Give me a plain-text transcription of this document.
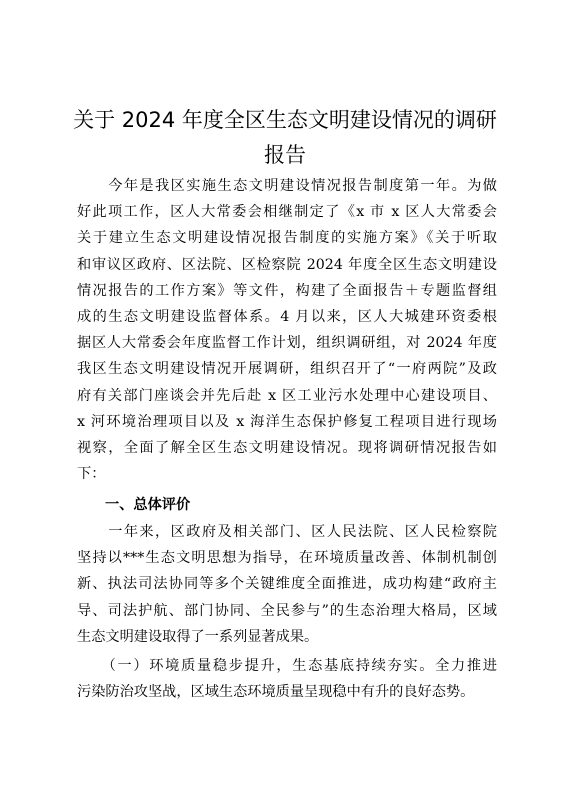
关于 2024 年度全区生态文明建设情况的调研
报告
　　今年是我区实施生态文明建设情况报告制度第一年。为做
好此项工作，区人大常委会相继制定了《x 市 x 区人大常委会
关于建立生态文明建设情况报告制度的实施方案》《关于听取
和审议区政府、区法院、区检察院 2024 年度全区生态文明建设
情况报告的工作方案》等文件，构建了全面报告＋专题监督组
成的生态文明建设监督体系。4 月以来，区人大城建环资委根
据区人大常委会年度监督工作计划，组织调研组，对 2024 年度
我区生态文明建设情况开展调研，组织召开了“一府两院”及政
府有关部门座谈会并先后赴 x 区工业污水处理中心建设项目、
x 河环境治理项目以及 x 海洋生态保护修复工程项目进行现场
视察，全面了解全区生态文明建设情况。现将调研情况报告如
下：
一、总体评价
　　一年来，区政府及相关部门、区人民法院、区人民检察院
坚持以***生态文明思想为指导，在环境质量改善、体制机制创
新、执法司法协同等多个关键维度全面推进，成功构建“政府主
导、司法护航、部门协同、全民参与”的生态治理大格局，区域
生态文明建设取得了一系列显著成果。
　　（一）环境质量稳步提升，生态基底持续夯实。全力推进
污染防治攻坚战，区域生态环境质量呈现稳中有升的良好态势。
